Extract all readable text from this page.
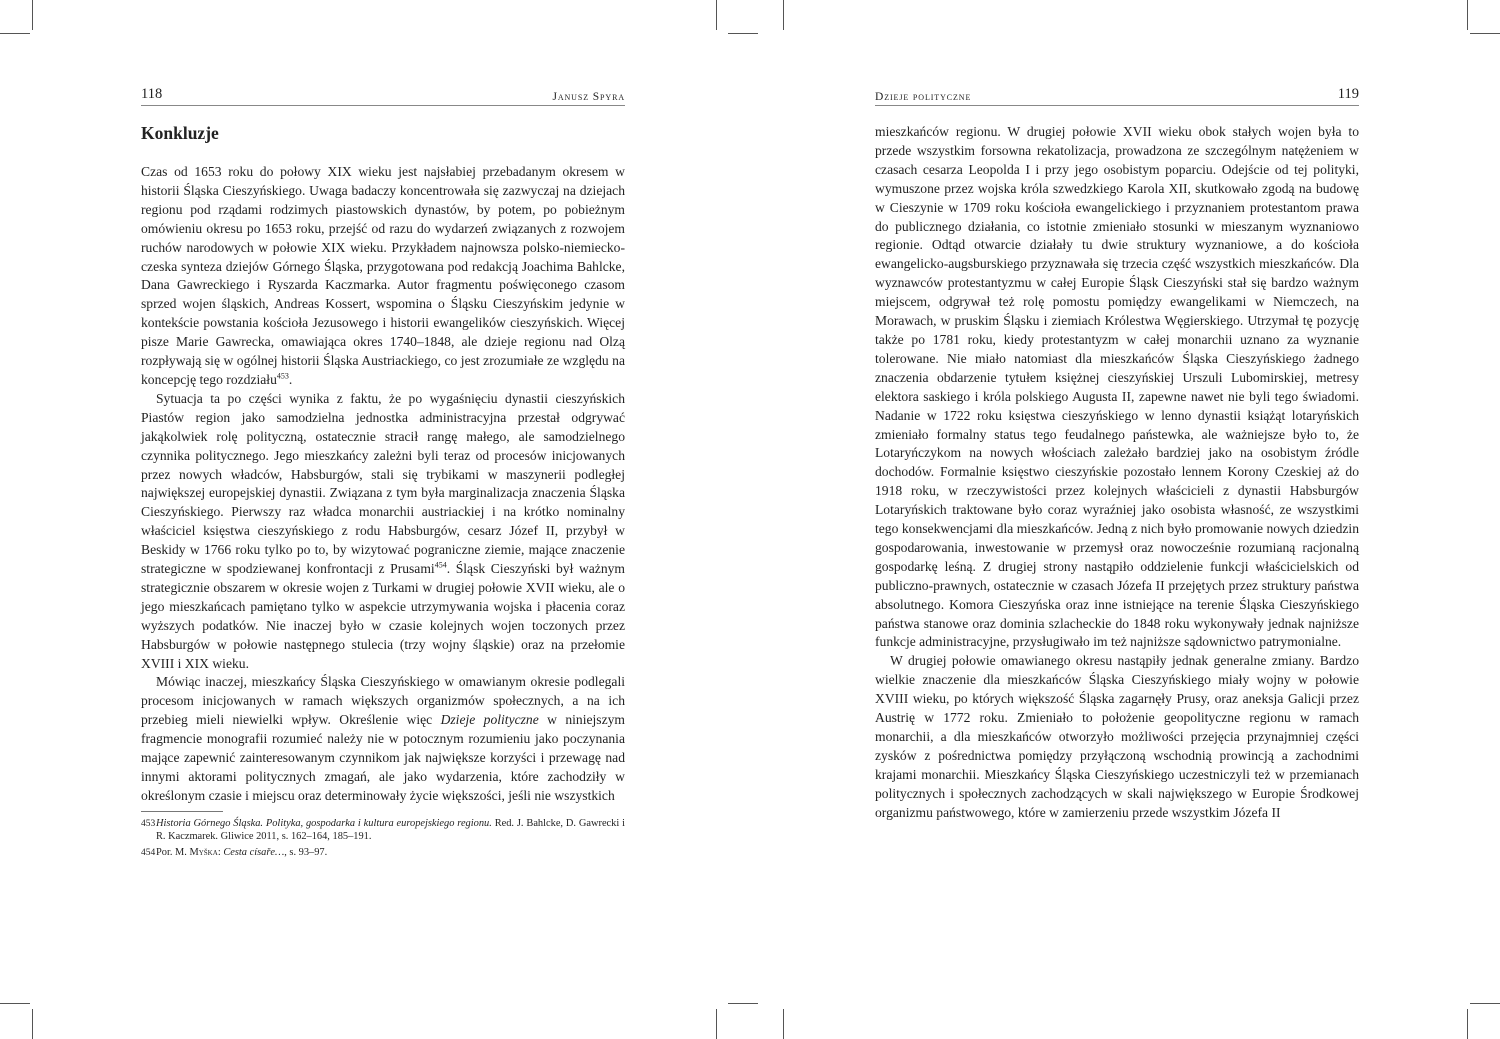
118	Janusz Spyra
Konkluzje

Czas od 1653 roku do połowy XIX wieku jest najsłabiej przebadanym okresem w historii Śląska Cieszyńskiego. Uwaga badaczy koncentrowała się zazwyczaj na dziejach regionu pod rządami rodzimych piastowskich dynastów, by potem, po pobieżnym omówieniu okresu po 1653 roku, przejść od razu do wydarzeń związanych z rozwojem ruchów narodowych w połowie XIX wieku. Przykładem najnowsza polsko-niemiecko-czeska synteza dziejów Górnego Śląska, przygotowana pod redakcją Joachima Bahlcke, Dana Gawreckiego i Ryszarda Kaczmarka. Autor fragmentu poświęconego czasom sprzed wojen śląskich, Andreas Kossert, wspomina o Śląsku Cieszyńskim jedynie w kontekście powstania kościoła Jezusowego i historii ewangelików cieszyńskich. Więcej pisze Marie Gawrecka, omawiająca okres 1740–1848, ale dzieje regionu nad Olzą rozpływają się w ogólnej historii Śląska Austriackiego, co jest zrozumiałe ze względu na koncepcję tego rozdziału$^{453}$.

Sytuacja ta po części wynika z faktu, że po wygaśnięciu dynastii cieszyńskich Piastów region jako samodzielna jednostka administracyjna przestał odgrywać jakąkolwiek rolę polityczną, ostatecznie stracił rangę małego, ale samodzielnego czynnika politycznego. Jego mieszkańcy zależni byli teraz od procesów inicjowanych przez nowych władców, Habsburgów, stali się trybikami w maszynerii podległej największej europejskiej dynastii. Związana z tym była marginalizacja znaczenia Śląska Cieszyńskiego. Pierwszy raz władca monarchii austriackiej i na krótko nominalny właściciel księstwa cieszyńskiego z rodu Habsburgów, cesarz Józef II, przybył w Beskidy w 1766 roku tylko po to, by wizytować pograniczne ziemie, mające znaczenie strategiczne w spodziewanej konfrontacji z Prusami$^{454}$. Śląsk Cieszyński był ważnym strategicznie obszarem w okresie wojen z Turkami w drugiej połowie XVII wieku, ale o jego mieszkańcach pamiętano tylko w aspekcie utrzymywania wojska i płacenia coraz wyższych podatków. Nie inaczej było w czasie kolejnych wojen toczonych przez Habsburgów w połowie następnego stulecia (trzy wojny śląskie) oraz na przełomie XVIII i XIX wieku.

Mówiąc inaczej, mieszkańcy Śląska Cieszyńskiego w omawianym okresie podlegali procesom inicjowanych w ramach większych organizmów społecznych, a na ich przebieg mieli niewielki wpływ. Określenie więc Dzieje polityczne w niniejszym fragmencie monografii rozumieć należy nie w potocznym rozumieniu jako poczynania mające zapewnić zainteresowanym czynnikom jak największe korzyści i przewagę nad innymi aktorami politycznych zmagań, ale jako wydarzenia, które zachodziły w określonym czasie i miejscu oraz determinowały życie większości, jeśli nie wszystkich

453Historia Górnego Śląska. Polityka, gospodarka i kultura europejskiego regionu. Red. J. Bahlcke, D. Gawrecki i R. Kaczmarek. Gliwice 2011, s. 162–164, 185–191.

454Por. M. Myška: Cesta císaře…, s. 93–97.

Dzieje polityczne	119

mieszkańców regionu. W drugiej połowie XVII wieku obok stałych wojen była to przede wszystkim forsowna rekatolizacja, prowadzona ze szczególnym natężeniem w czasach cesarza Leopolda I i przy jego osobistym poparciu. Odejście od tej polityki, wymuszone przez wojska króla szwedzkiego Karola XII, skutkowało zgodą na budowę w Cieszynie w 1709 roku kościoła ewangelickiego i przyznaniem protestantom prawa do publicznego działania, co istotnie zmieniało stosunki w mieszanym wyznaniowo regionie. Odtąd otwarcie działały tu dwie struktury wyznaniowe, a do kościoła ewangelicko-augsburskiego przyznawała się trzecia część wszystkich mieszkańców. Dla wyznawców protestantyzmu w całej Europie Śląsk Cieszyński stał się bardzo ważnym miejscem, odgrywał też rolę pomostu pomiędzy ewangelikami w Niemczech, na Morawach, w pruskim Śląsku i ziemiach Królestwa Węgierskiego. Utrzymał tę pozycję także po 1781 roku, kiedy protestantyzm w całej monarchii uznano za wyznanie tolerowane. Nie miało natomiast dla mieszkańców Śląska Cieszyńskiego żadnego znaczenia obdarzenie tytułem księżnej cieszyńskiej Urszuli Lubomirskiej, metresy elektora saskiego i króla polskiego Augusta II, zapewne nawet nie byli tego świadomi. Nadanie w 1722 roku księstwa cieszyńskiego w lenno dynastii książąt lotaryńskich zmieniało formalny status tego feudalnego państewka, ale ważniejsze było to, że Lotaryńczykom na nowych włościach zależało bardziej jako na osobistym źródle dochodów. Formalnie księstwo cieszyńskie pozostało lennem Korony Czeskiej aż do 1918 roku, w rzeczywistości przez kolejnych właścicieli z dynastii Habsburgów Lotaryńskich traktowane było coraz wyraźniej jako osobista własność, ze wszystkimi tego konsekwencjami dla mieszkańców. Jedną z nich było promowanie nowych dziedzin gospodarowania, inwestowanie w przemysł oraz nowocześnie rozumianą racjonalną gospodarkę leśną. Z drugiej strony nastąpiło oddzielenie funkcji właścicielskich od publiczno-prawnych, ostatecznie w czasach Józefa II przejętych przez struktury państwa absolutnego. Komora Cieszyńska oraz inne istniejące na terenie Śląska Cieszyńskiego państwa stanowe oraz dominia szlacheckie do 1848 roku wykonywały jednak najniższe funkcje administracyjne, przysługiwało im też najniższe sądownictwo patrymonialne.

W drugiej połowie omawianego okresu nastąpiły jednak generalne zmiany. Bardzo wielkie znaczenie dla mieszkańców Śląska Cieszyńskiego miały wojny w połowie XVIII wieku, po których większość Śląska zagarnęły Prusy, oraz aneksja Galicji przez Austrię w 1772 roku. Zmieniało to położenie geopolityczne regionu w ramach monarchii, a dla mieszkańców otworzyło możliwości przejęcia przynajmniej części zysków z pośrednictwa pomiędzy przyłączoną wschodnią prowincją a zachodnimi krajami monarchii. Mieszkańcy Śląska Cieszyńskiego uczestniczyli też w przemianach politycznych i społecznych zachodzących w skali największego w Europie Środkowej organizmu państwowego, które w zamierzeniu przede wszystkim Józefa II
